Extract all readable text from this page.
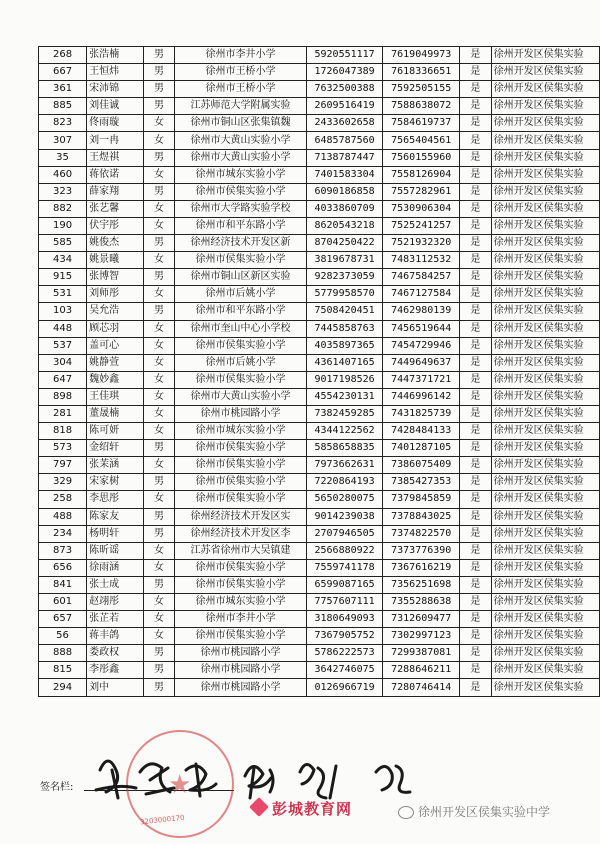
268	张浩楠	男	徐州市李井小学	5920551117	7619049973	是	徐州开发区侯集实验
667	王恒炜	男	徐州市王桥小学	1726047389	7618336651	是	徐州开发区侯集实验
361	宋沛锦	男	徐州市王桥小学	7632500388	7592505155	是	徐州开发区侯集实验
885	刘佳诚	男	江苏师范大学附属实验	2609516419	7588638072	是	徐州开发区侯集实验
823	佟雨璇	女	徐州市铜山区张集镇魏	2433602658	7584619737	是	徐州开发区侯集实验
307	刘一冉	女	徐州市大黄山实验小学	6485787560	7565404561	是	徐州开发区侯集实验
35	王煜祺	男	徐州市大黄山实验小学	7138787447	7560155960	是	徐州开发区侯集实验
460	蒋依诺	女	徐州市城东实验小学	7401583304	7558126904	是	徐州开发区侯集实验
323	薛家翔	男	徐州市侯集实验小学	6090186858	7557282961	是	徐州开发区侯集实验
882	张艺馨	女	徐州市大学路实验学校	4033860709	7530906304	是	徐州开发区侯集实验
190	伏宇彤	女	徐州市和平东路小学	8620543218	7525241257	是	徐州开发区侯集实验
585	姚俊杰	男	徐州经济技术开发区新	8704250422	7521932320	是	徐州开发区侯集实验
434	姚景曦	女	徐州市侯集实验小学	3819678731	7483112532	是	徐州开发区侯集实验
915	张博智	男	徐州市铜山区新区实验	9282373059	7467584257	是	徐州开发区侯集实验
531	刘师彤	女	徐州市后姚小学	5779958570	7467127584	是	徐州开发区侯集实验
103	吴允浩	男	徐州市和平东路小学	7508420451	7462980139	是	徐州开发区侯集实验
448	顾芯羽	女	徐州市奎山中心小学校	7445858763	7456519644	是	徐州开发区侯集实验
537	盖可心	女	徐州市侯集实验小学	4035897365	7454729946	是	徐州开发区侯集实验
304	姚静萱	女	徐州市后姚小学	4361407165	7449649637	是	徐州开发区侯集实验
647	魏妙鑫	女	徐州市侯集实验小学	9017198526	7447371721	是	徐州开发区侯集实验
898	王佳琪	女	徐州市大黄山实验小学	4554230131	7446996142	是	徐州开发区侯集实验
281	董晟楠	女	徐州市桃园路小学	7382459285	7431825739	是	徐州开发区侯集实验
818	陈可妍	女	徐州市城东实验小学	4344122562	7428484133	是	徐州开发区侯集实验
573	金绍轩	男	徐州市侯集实验小学	5858658835	7401287105	是	徐州开发区侯集实验
797	张茉涵	女	徐州市侯集实验小学	7973662631	7386075409	是	徐州开发区侯集实验
329	宋家树	男	徐州市侯集实验小学	7220864193	7385427353	是	徐州开发区侯集实验
258	李思彤	女	徐州市侯集实验小学	5650280075	7379845859	是	徐州开发区侯集实验
488	陈家友	男	徐州经济技术开发区实	9014239038	7378843025	是	徐州开发区侯集实验
234	杨明轩	男	徐州经济技术开发区李	2707946505	7374822570	是	徐州开发区侯集实验
873	陈昕谣	女	江苏省徐州市大吴镇建	2566880922	7373776390	是	徐州开发区侯集实验
656	徐雨涵	女	徐州市侯集实验小学	7559741178	7367616219	是	徐州开发区侯集实验
841	张士成	男	徐州市侯集实验小学	6599087165	7356251698	是	徐州开发区侯集实验
601	赵翊彤	女	徐州市城东实验小学	7757607111	7355288638	是	徐州开发区侯集实验
657	张芷若	女	徐州市李井小学	3180649093	7312609477	是	徐州开发区侯集实验
56	蒋丰鸽	女	徐州市侯集实验小学	7367905752	7302997123	是	徐州开发区侯集实验
888	娄政权	男	徐州市桃园路小学	5786222573	7299387081	是	徐州开发区侯集实验
815	李彤鑫	男	徐州市桃园路小学	3642746075	7288646211	是	徐州开发区侯集实验
294	刘中	男	徐州市桃园路小学	0126966719	7280746414	是	徐州开发区侯集实验
签名栏:	★
3203000170
彭城教育网	徐州开发区侯集实验中学
